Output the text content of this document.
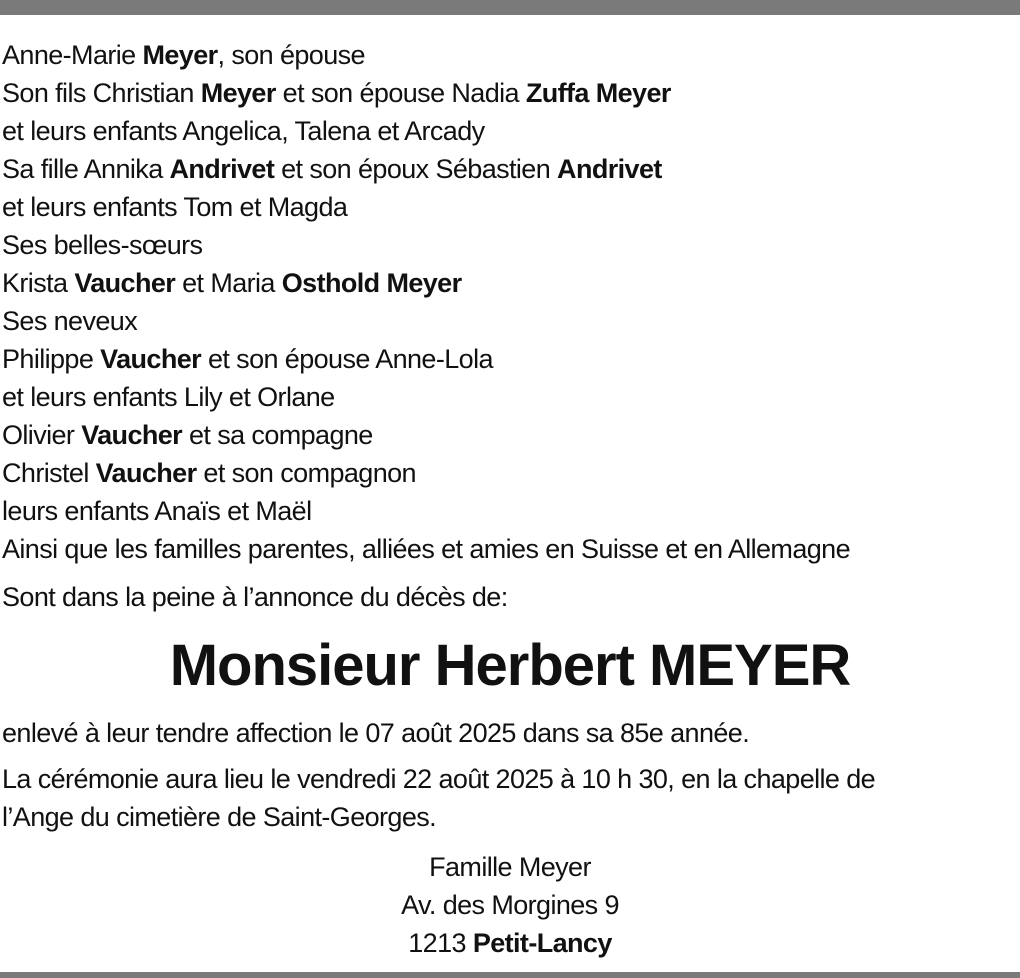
Anne-Marie Meyer, son épouse
Son fils Christian Meyer et son épouse Nadia Zuffa Meyer
et leurs enfants Angelica, Talena et Arcady
Sa fille Annika Andrivet et son époux Sébastien Andrivet
et leurs enfants Tom et Magda
Ses belles-sœurs
Krista Vaucher et Maria Osthold Meyer
Ses neveux
Philippe Vaucher et son épouse Anne-Lola
et leurs enfants Lily et Orlane
Olivier Vaucher et sa compagne
Christel Vaucher et son compagnon
leurs enfants Anaïs et Maël
Ainsi que les familles parentes, alliées et amies en Suisse et en Allemagne
Sont dans la peine à l’annonce du décès de:
Monsieur Herbert MEYER
enlevé à leur tendre affection le 07 août 2025 dans sa 85e année.
La cérémonie aura lieu le vendredi 22 août 2025 à 10 h 30, en la chapelle de
l’Ange du cimetière de Saint-Georges.
Famille Meyer
Av. des Morgines 9
1213 Petit-Lancy
